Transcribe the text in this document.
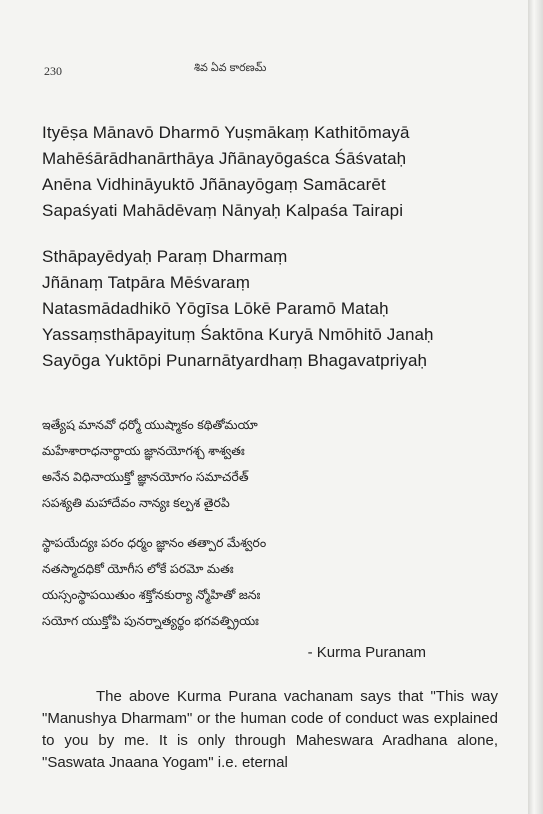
230	శివ ఏవ కారణమ్
Ityēṣa Mānavō Dharmō Yuṣmākaṃ Kathitōmayā
Mahēśārādhanārthāya Jñānayōgaśca Śāśvataḥ
Anēna Vidhināyuktō Jñānayōgaṃ Samācarēt
Sapaśyati Mahādēvaṃ Nānyaḥ Kalpaśa Tairapi
Sthāpayēdyaḥ Paraṃ Dharmaṃ
Jñānaṃ Tatpāra Mēśvaraṃ
Natasmādadhikō Yōgīsa Lōkē Paramō Mataḥ
Yassaṃsthāpayituṃ Śaktōna Kuryā Nmōhitō Janaḥ
Sayōga Yuktōpi Punarnātyardhaṃ Bhagavatpriyaḥ
ఇత్యేష మానవో ధర్మో యుష్మాకం కథితోమయా
మహేశారాధనార్థాయ జ్ఞానయోగశ్చ శాశ్వతః
అనేన విధినాయుక్తో జ్ఞానయోగం సమాచరేత్
సపశ్యతి మహాదేవం నాన్యః కల్పశ తైరపి
స్థాపయేద్యః పరం ధర్మం జ్ఞానం తత్పార మేశ్వరం
నతస్మాదధికో యోగీస లోకే పరమో మతః
యస్సంస్థాపయితుం శక్తోనకుర్యా న్మోహితో జనః
సయోగ యుక్తోపి పునర్నాత్యర్థం భగవత్ప్రియః
- Kurma Puranam

The above Kurma Purana vachanam says that "This way "Manushya Dharmam" or the human code of conduct was explained to you by me. It is only through Maheswara Aradhana alone, "Saswata Jnaana Yogam" i.e. eternal
